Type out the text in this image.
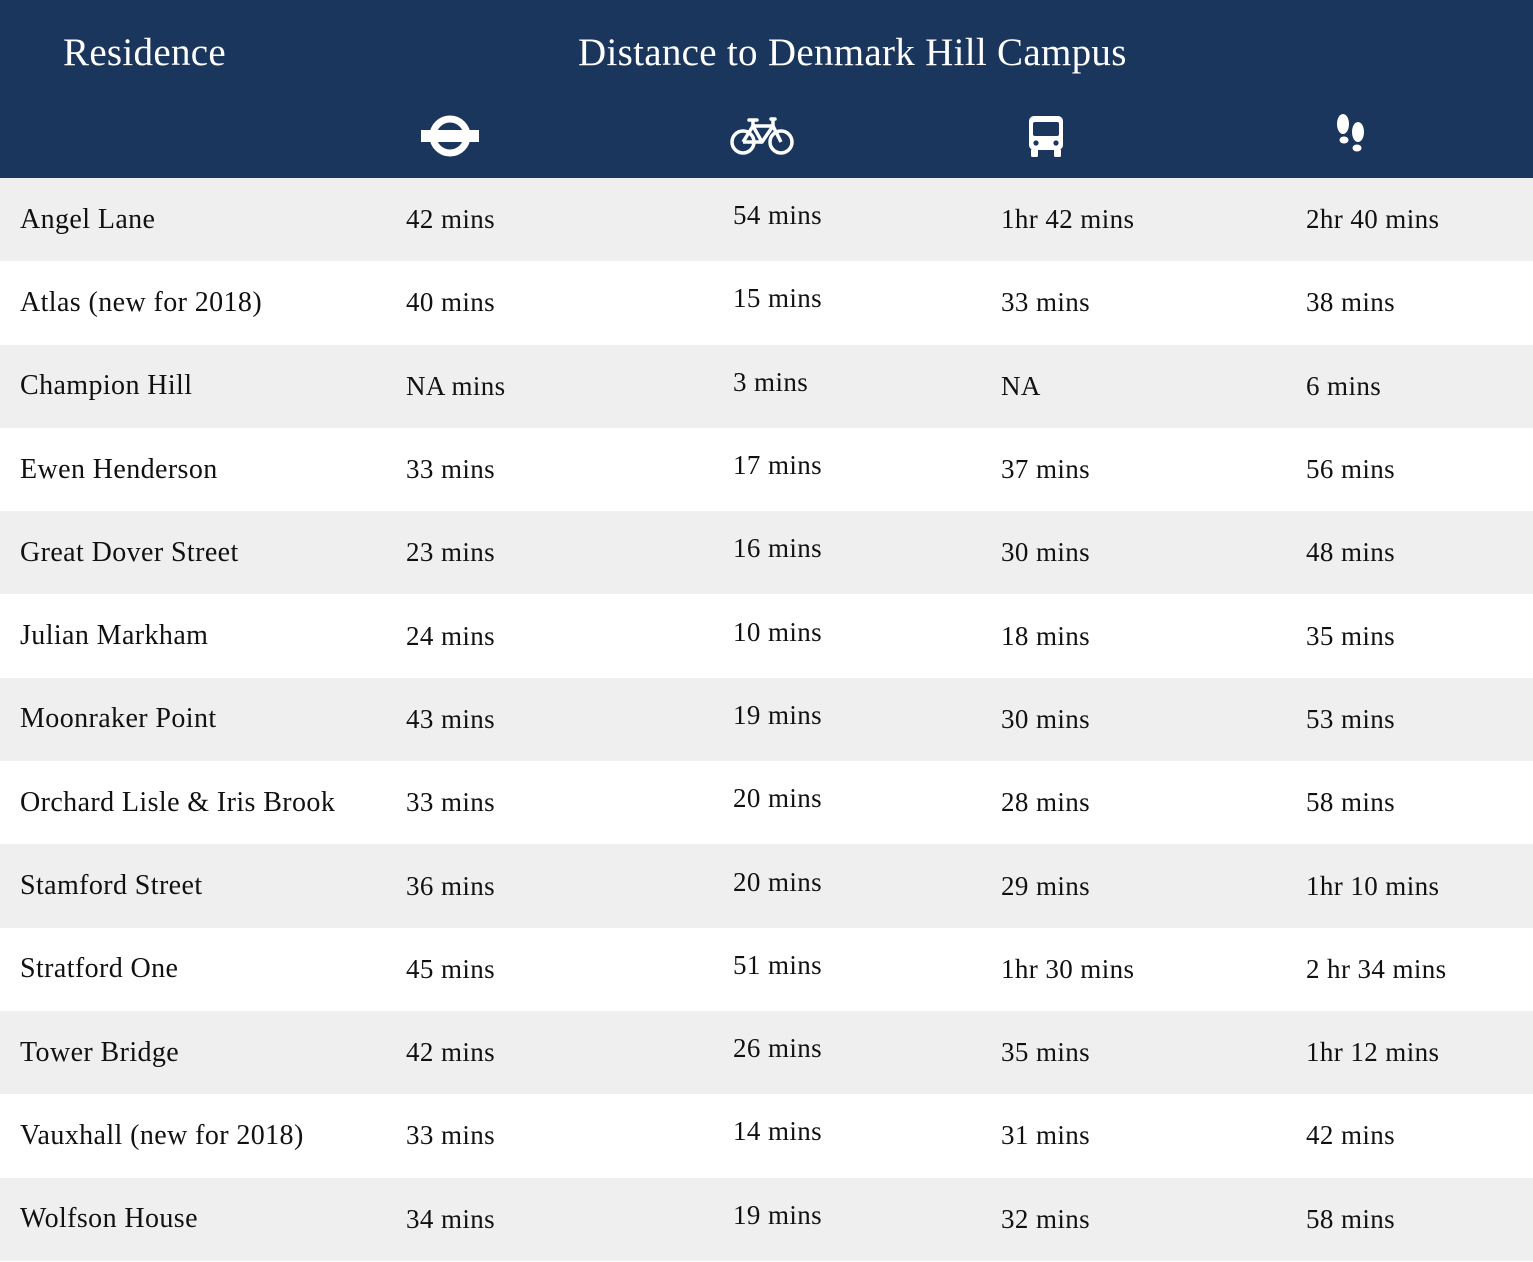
Residence	Distance to Denmark Hill Campus
Angel Lane	42 mins	54 mins	1hr 42 mins	2hr 40 mins
Atlas (new for 2018)	40 mins	15 mins	33 mins	38 mins
Champion Hill	NA mins	3 mins	NA	6 mins
Ewen Henderson	33 mins	17 mins	37 mins	56 mins
Great Dover Street	23 mins	16 mins	30 mins	48 mins
Julian Markham	24 mins	10 mins	18 mins	35 mins
Moonraker Point	43 mins	19 mins	30 mins	53 mins
Orchard Lisle & Iris Brook	33 mins	20 mins	28 mins	58 mins
Stamford Street	36 mins	20 mins	29 mins	1hr 10 mins
Stratford One	45 mins	51 mins	1hr 30 mins	2 hr 34 mins
Tower Bridge	42 mins	26 mins	35 mins	1hr 12 mins
Vauxhall (new for 2018)	33 mins	14 mins	31 mins	42 mins
Wolfson House	34 mins	19 mins	32 mins	58 mins
